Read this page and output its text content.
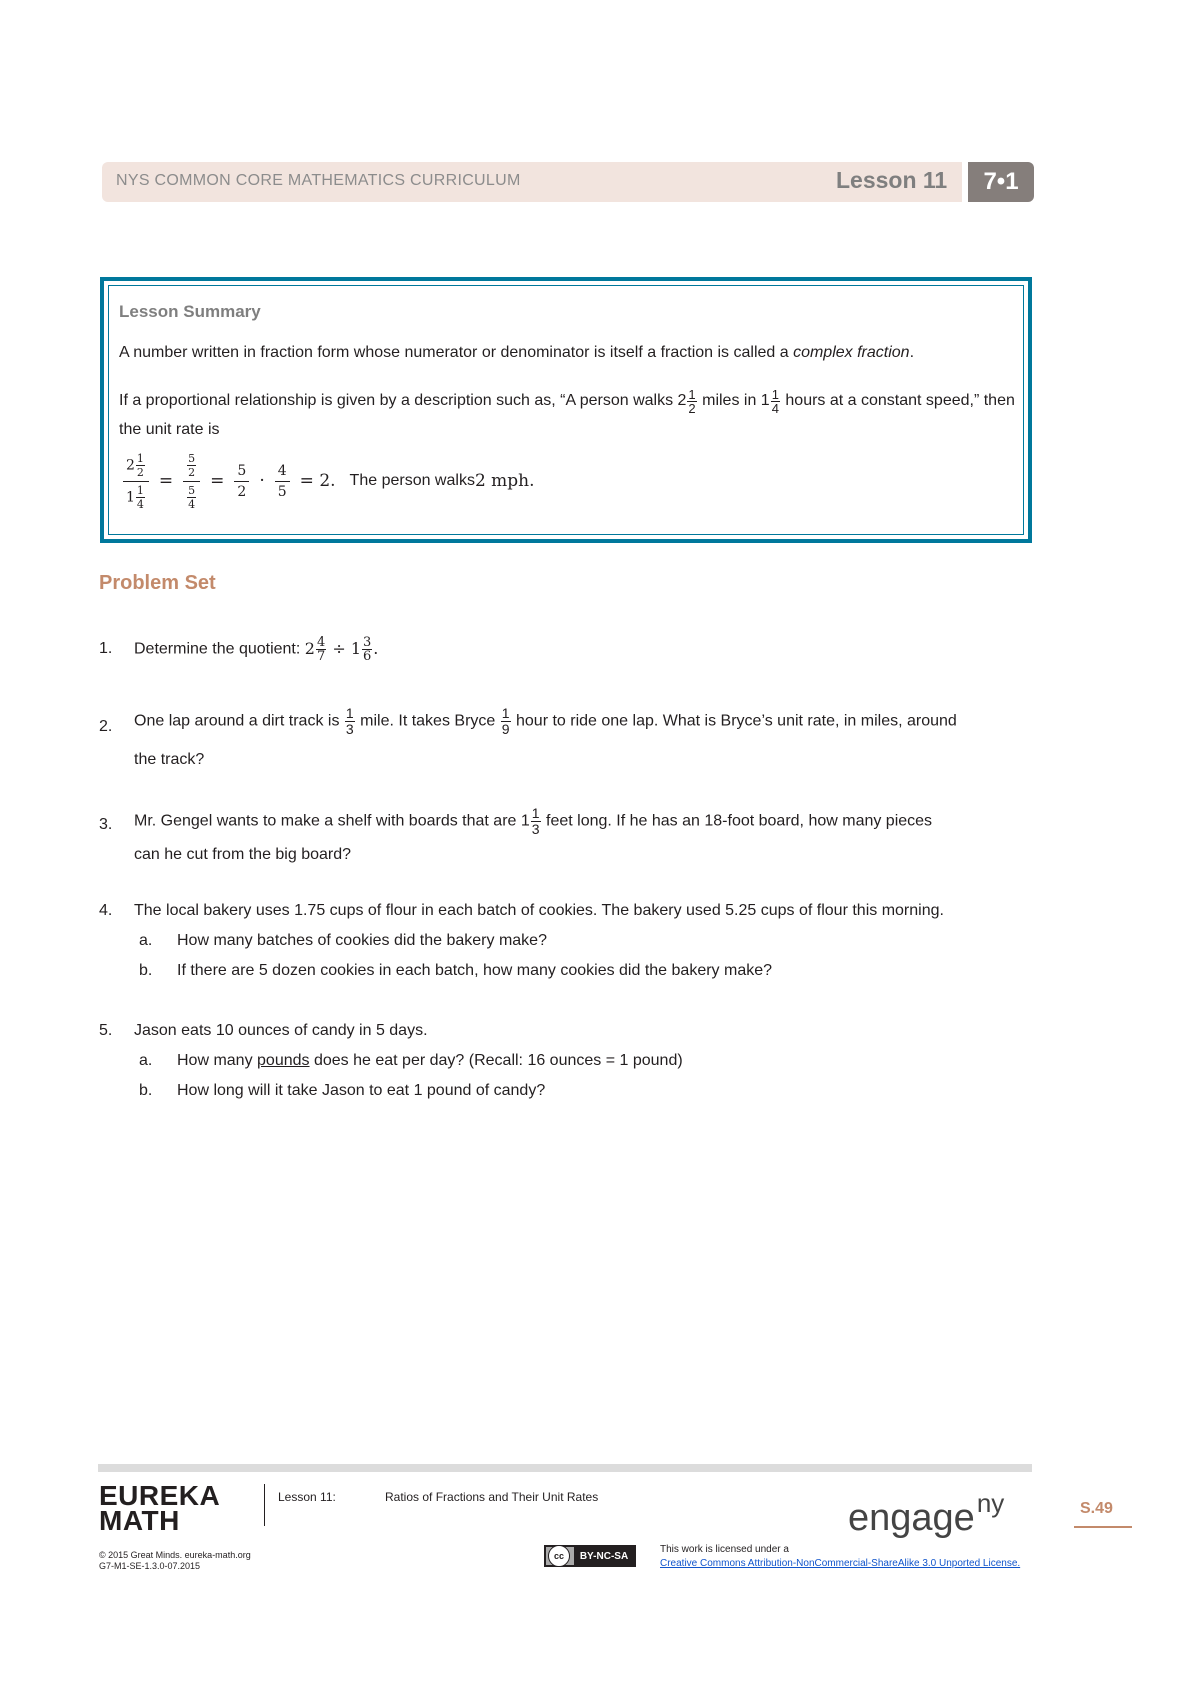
NYS COMMON CORE MATHEMATICS CURRICULUM	Lesson 11	7•1
Lesson Summary
A number written in fraction form whose numerator or denominator is itself a fraction is called a complex fraction.
If a proportional relationship is given by a description such as, “A person walks $2 \frac{1}{2}$ miles in $1 \frac{1}{4}$ hours at a constant speed,” then the unit rate is
$\frac{2 \frac{1}{2}}{1 \frac{1}{4}} = \frac{\frac{5}{2}}{\frac{5}{4}} = \frac{5}{2} \cdot \frac{4}{5} = 2$. The person walks 2 mph.
Problem Set
1. Determine the quotient: $2 \frac{4}{7} \div 1 \frac{3}{6}$ .
2. One lap around a dirt track is $\frac{1}{3}$ mile. It takes Bryce $\frac{1}{9}$ hour to ride one lap. What is Bryce’s unit rate, in miles, around
the track?
3. Mr. Gengel wants to make a shelf with boards that are $1 \frac{1}{3}$ feet long. If he has an 18-foot board, how many pieces
can he cut from the big board?
4. The local bakery uses 1.75 cups of flour in each batch of cookies. The bakery used 5.25 cups of flour this morning.
a. How many batches of cookies did the bakery make?
b. If there are 5 dozen cookies in each batch, how many cookies did the bakery make?
5. Jason eats 10 ounces of candy in 5 days.
a. How many pounds does he eat per day? (Recall: 16 ounces = 1 pound)
b. How long will it take Jason to eat 1 pound of candy?
EUREKA
MATH
Lesson 11:	Ratios of Fractions and Their Unit Rates	engage$^{ny}$	S.49
© 2015 Great Minds. eureka-math.org
G7-M1-SE-1.3.0-07.2015
cc	BY-NC-SA
This work is licensed under a
Creative Commons Attribution-NonCommercial-ShareAlike 3.0 Unported License.
